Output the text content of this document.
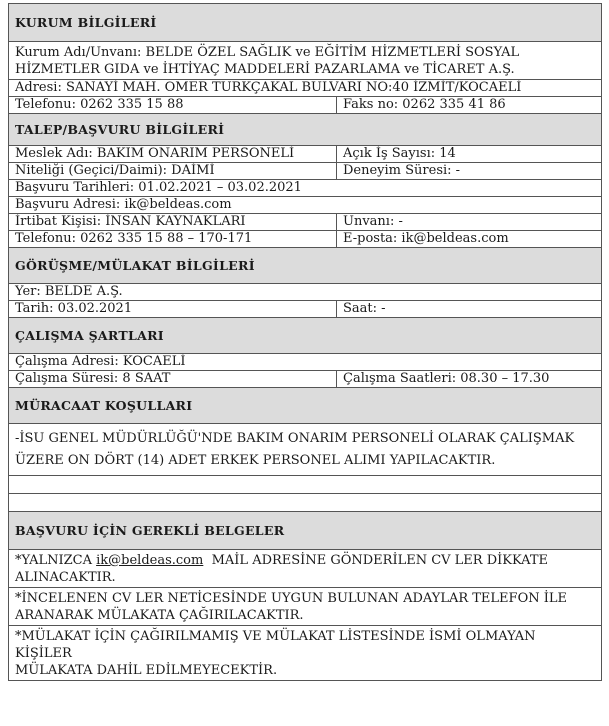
KURUM BİLGİLERİ
Kurum Adı/Unvanı: BELDE ÖZEL SAĞLIK ve EĞİTİM HİZMETLERİ SOSYAL
HİZMETLER GIDA ve İHTİYAÇ MADDELERİ PAZARLAMA ve TİCARET A.Ş.
Adresi: SANAYİ MAH. ÖMER TÜRKÇAKAL BULVARI NO:40 İZMİT/KOCAELİ
Telefonu: 0262 335 15 88	Faks no: 0262 335 41 86
TALEP/BAŞVURU BİLGİLERİ
Meslek Adı: BAKIM ONARIM PERSONELİ	Açık İş Sayısı: 14
Niteliği (Geçici/Daimi): DAİMİ	Deneyim Süresi: -
Başvuru Tarihleri: 01.02.2021 – 03.02.2021
Başvuru Adresi: ik@beldeas.com
İrtibat Kişisi: İNSAN KAYNAKLARI	Unvanı: -
Telefonu: 0262 335 15 88 – 170-171	E-posta: ik@beldeas.com
GÖRÜŞME/MÜLAKAT BİLGİLERİ
Yer: BELDE A.Ş.
Tarih: 03.02.2021	Saat: -
ÇALIŞMA ŞARTLARI
Çalışma Adresi: KOCAELİ
Çalışma Süresi: 8 SAAT	Çalışma Saatleri: 08.30 – 17.30
MÜRACAAT KOŞULLARI
-İSU GENEL MÜDÜRLÜĞÜ'NDE BAKIM ONARIM PERSONELİ OLARAK ÇALIŞMAK
ÜZERE ON DÖRT (14) ADET ERKEK PERSONEL ALIMI YAPILACAKTIR.
BAŞVURU İÇİN GEREKLİ BELGELER
*YALNIZCA ik@beldeas.com  MAİL ADRESİNE GÖNDERİLEN CV LER DİKKATE
ALINACAKTIR.
*İNCELENEN CV LER NETİCESİNDE UYGUN BULUNAN ADAYLAR TELEFON İLE
ARANARAK MÜLAKATA ÇAĞIRILACAKTIR.
*MÜLAKAT İÇİN ÇAĞIRILMAMIŞ VE MÜLAKAT LİSTESİNDE İSMİ OLMAYAN KİŞİLER
MÜLAKATA DAHİL EDİLMEYECEKTİR.
